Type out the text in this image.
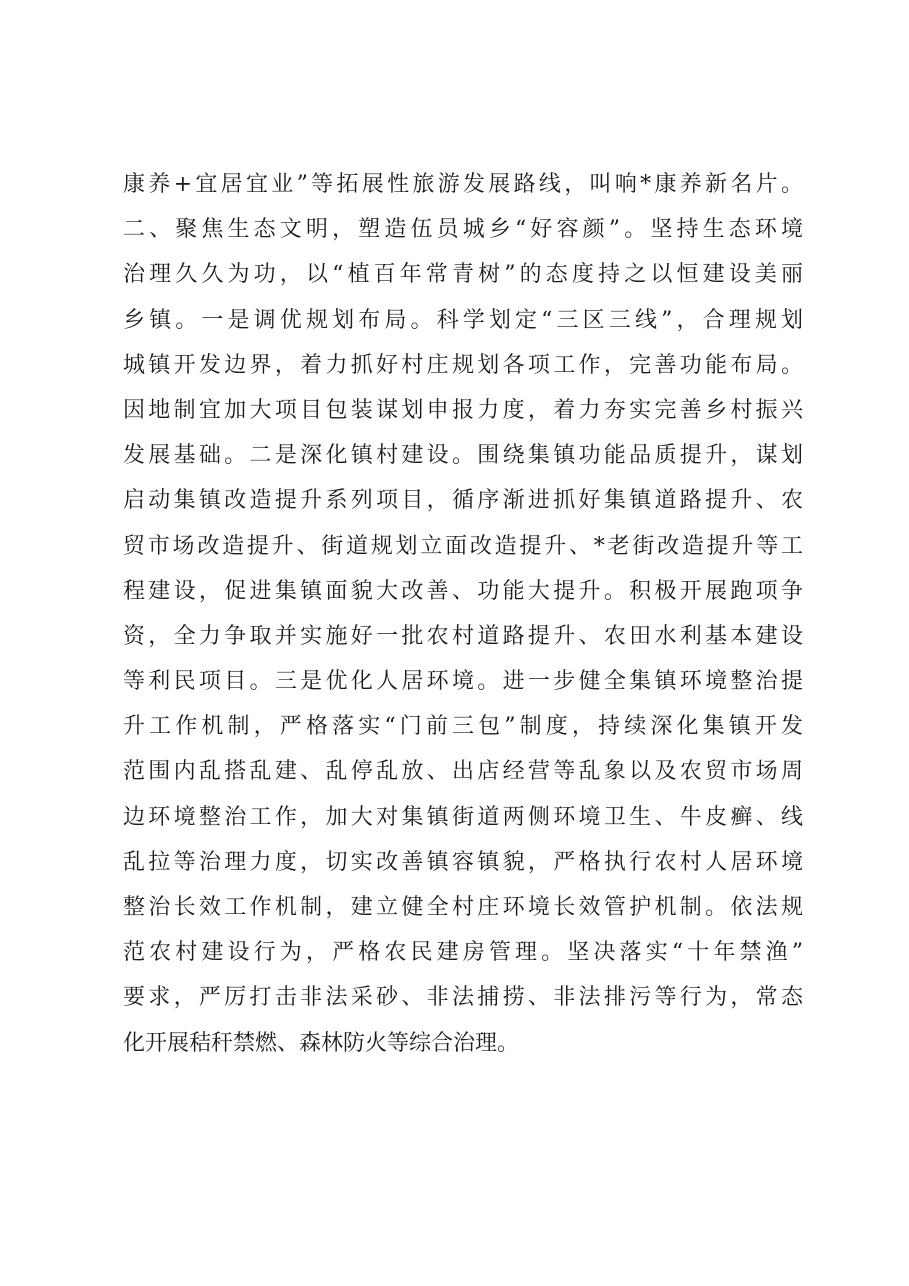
康养+宜居宜业”等拓展性旅游发展路线，叫响*康养新名片。
二、聚焦生态文明，塑造伍员城乡“好容颜”。坚持生态环境
治理久久为功，以“植百年常青树”的态度持之以恒建设美丽
乡镇。一是调优规划布局。科学划定“三区三线”，合理规划
城镇开发边界，着力抓好村庄规划各项工作，完善功能布局。
因地制宜加大项目包装谋划申报力度，着力夯实完善乡村振兴
发展基础。二是深化镇村建设。围绕集镇功能品质提升，谋划
启动集镇改造提升系列项目，循序渐进抓好集镇道路提升、农
贸市场改造提升、街道规划立面改造提升、*老街改造提升等工
程建设，促进集镇面貌大改善、功能大提升。积极开展跑项争
资，全力争取并实施好一批农村道路提升、农田水利基本建设
等利民项目。三是优化人居环境。进一步健全集镇环境整治提
升工作机制，严格落实“门前三包”制度，持续深化集镇开发
范围内乱搭乱建、乱停乱放、出店经营等乱象以及农贸市场周
边环境整治工作，加大对集镇街道两侧环境卫生、牛皮癣、线
乱拉等治理力度，切实改善镇容镇貌，严格执行农村人居环境
整治长效工作机制，建立健全村庄环境长效管护机制。依法规
范农村建设行为，严格农民建房管理。坚决落实“十年禁渔”
要求，严厉打击非法采砂、非法捕捞、非法排污等行为，常态
化开展秸秆禁燃、森林防火等综合治理。
